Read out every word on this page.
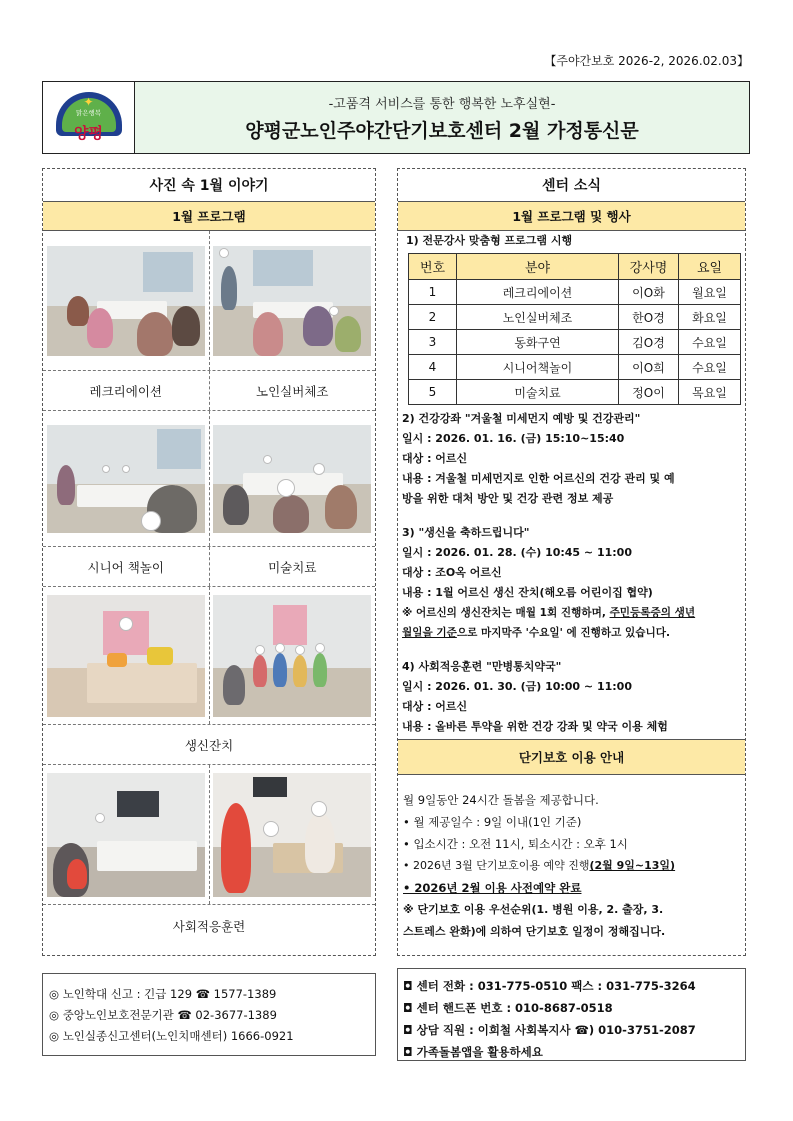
【주야간보호 2026-2, 2026.02.03】
✦
맑은행복
양평
-고품격 서비스를 통한 행복한 노후실현-
양평군노인주야간단기보호센터 2월 가정통신문
사진 속 1월 이야기
1월 프로그램
레크리에이션	노인실버체조
시니어 책놀이	미술치료
생신잔치
사회적응훈련
센터 소식
1월 프로그램 및 행사
1) 전문강사 맞춤형 프로그램 시행
번호	분야	강사명	요일
1	레크리에이션	이O화	월요일
2	노인실버체조	한O경	화요일
3	동화구연	김O경	수요일
4	시니어책놀이	이O희	수요일
5	미술치료	정O이	목요일
2) 건강강좌 "겨울철 미세먼지 예방 및 건강관리"
일시 : 2026. 01. 16. (금) 15:10~15:40
대상 : 어르신
내용 : 겨울철 미세먼지로 인한 어르신의 건강 관리 및 예
방을 위한 대처 방안 및 건강 관련 정보 제공
3) "생신을 축하드립니다"
일시 : 2026. 01. 28. (수) 10:45 ~ 11:00
대상 : 조O옥 어르신
내용 : 1월 어르신 생신 잔치(해오름 어린이집 협약)
※ 어르신의 생신잔치는 매월 1회 진행하며, 주민등록증의 생년
월일을 기준으로 마지막주 '수요일' 에 진행하고 있습니다.
4) 사회적응훈련 "만병통치약국"
일시 : 2026. 01. 30. (금) 10:00 ~ 11:00
대상 : 어르신
내용 : 올바른 투약을 위한 건강 강좌 및 약국 이용 체험
단기보호 이용 안내
월 9일동안 24시간 돌봄을 제공합니다.
• 월 제공일수 : 9일 이내(1인 기준)
• 입소시간 : 오전 11시, 퇴소시간 : 오후 1시
• 2026년 3월 단기보호이용 예약 진행(2월 9일~13일)
• 2026년 2월 이용 사전예약 완료
※ 단기보호 이용 우선순위(1. 병원 이용, 2. 출장, 3.
스트레스 완화)에 의하여 단기보호 일정이 정해집니다.
◎ 노인학대 신고 : 긴급 129 ☎ 1577-1389
◎ 중앙노인보호전문기관 ☎ 02-3677-1389
◎ 노인실종신고센터(노인치매센터) 1666-0921
◘ 센터 전화 : 031-775-0510 팩스 : 031-775-3264
◘ 센터 핸드폰 번호 : 010-8687-0518
◘ 상담 직원 : 이희철 사회복지사 ☎) 010-3751-2087
◘ 가족돌봄앱을 활용하세요
